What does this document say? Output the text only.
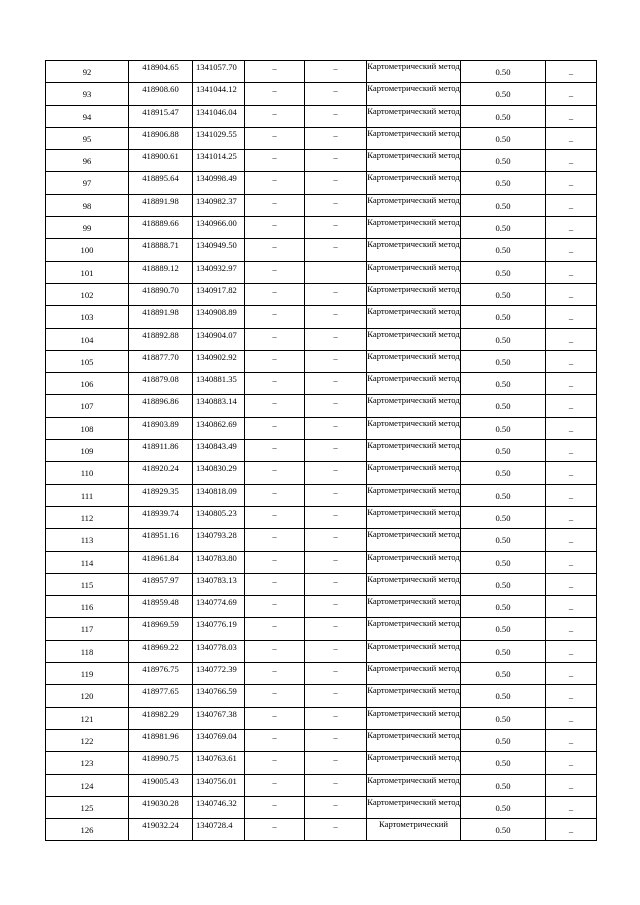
92	418904.65	1341057.70	–	–	Картометрический метод	0.50	–
93	418908.60	1341044.12	–	–	Картометрический метод	0.50	–
94	418915.47	1341046.04	–	–	Картометрический метод	0.50	–
95	418906.88	1341029.55	–	–	Картометрический метод	0.50	–
96	418900.61	1341014.25	–	–	Картометрический метод	0.50	–
97	418895.64	1340998.49	–	–	Картометрический метод	0.50	–
98	418891.98	1340982.37	–	–	Картометрический метод	0.50	–
99	418889.66	1340966.00	–	–	Картометрический метод	0.50	–
100	418888.71	1340949.50	–	–	Картометрический метод	0.50	–
101	418889.12	1340932.97	–		Картометрический метод	0.50	–
102	418890.70	1340917.82	–	–	Картометрический метод	0.50	–
103	418891.98	1340908.89	–	–	Картометрический метод	0.50	–
104	418892.88	1340904.07	–	–	Картометрический метод	0.50	–
105	418877.70	1340902.92	–	–	Картометрический метод	0.50	–
106	418879.08	1340881.35	–	–	Картометрический метод	0.50	–
107	418896.86	1340883.14	–	–	Картометрический метод	0.50	–
108	418903.89	1340862.69	–	–	Картометрический метод	0.50	–
109	418911.86	1340843.49	–	–	Картометрический метод	0.50	–
110	418920.24	1340830.29	–	–	Картометрический метод	0.50	–
111	418929.35	1340818.09	–	–	Картометрический метод	0.50	–
112	418939.74	1340805.23	–	–	Картометрический метод	0.50	–
113	418951.16	1340793.28	–	–	Картометрический метод	0.50	–
114	418961.84	1340783.80	–	–	Картометрический метод	0.50	–
115	418957.97	1340783.13	–	–	Картометрический метод	0.50	–
116	418959.48	1340774.69	–	–	Картометрический метод	0.50	–
117	418969.59	1340776.19	–	–	Картометрический метод	0.50	–
118	418969.22	1340778.03	–	–	Картометрический метод	0.50	–
119	418976.75	1340772.39	–	–	Картометрический метод	0.50	–
120	418977.65	1340766.59	–	–	Картометрический метод	0.50	–
121	418982.29	1340767.38	–	–	Картометрический метод	0.50	–
122	418981.96	1340769.04	–	–	Картометрический метод	0.50	–
123	418990.75	1340763.61	–	–	Картометрический метод	0.50	–
124	419005.43	1340756.01	–	–	Картометрический метод	0.50	–
125	419030.28	1340746.32	–	–	Картометрический метод	0.50	–
126	419032.24	1340728.4	–	–	Картометрический	0.50	–
